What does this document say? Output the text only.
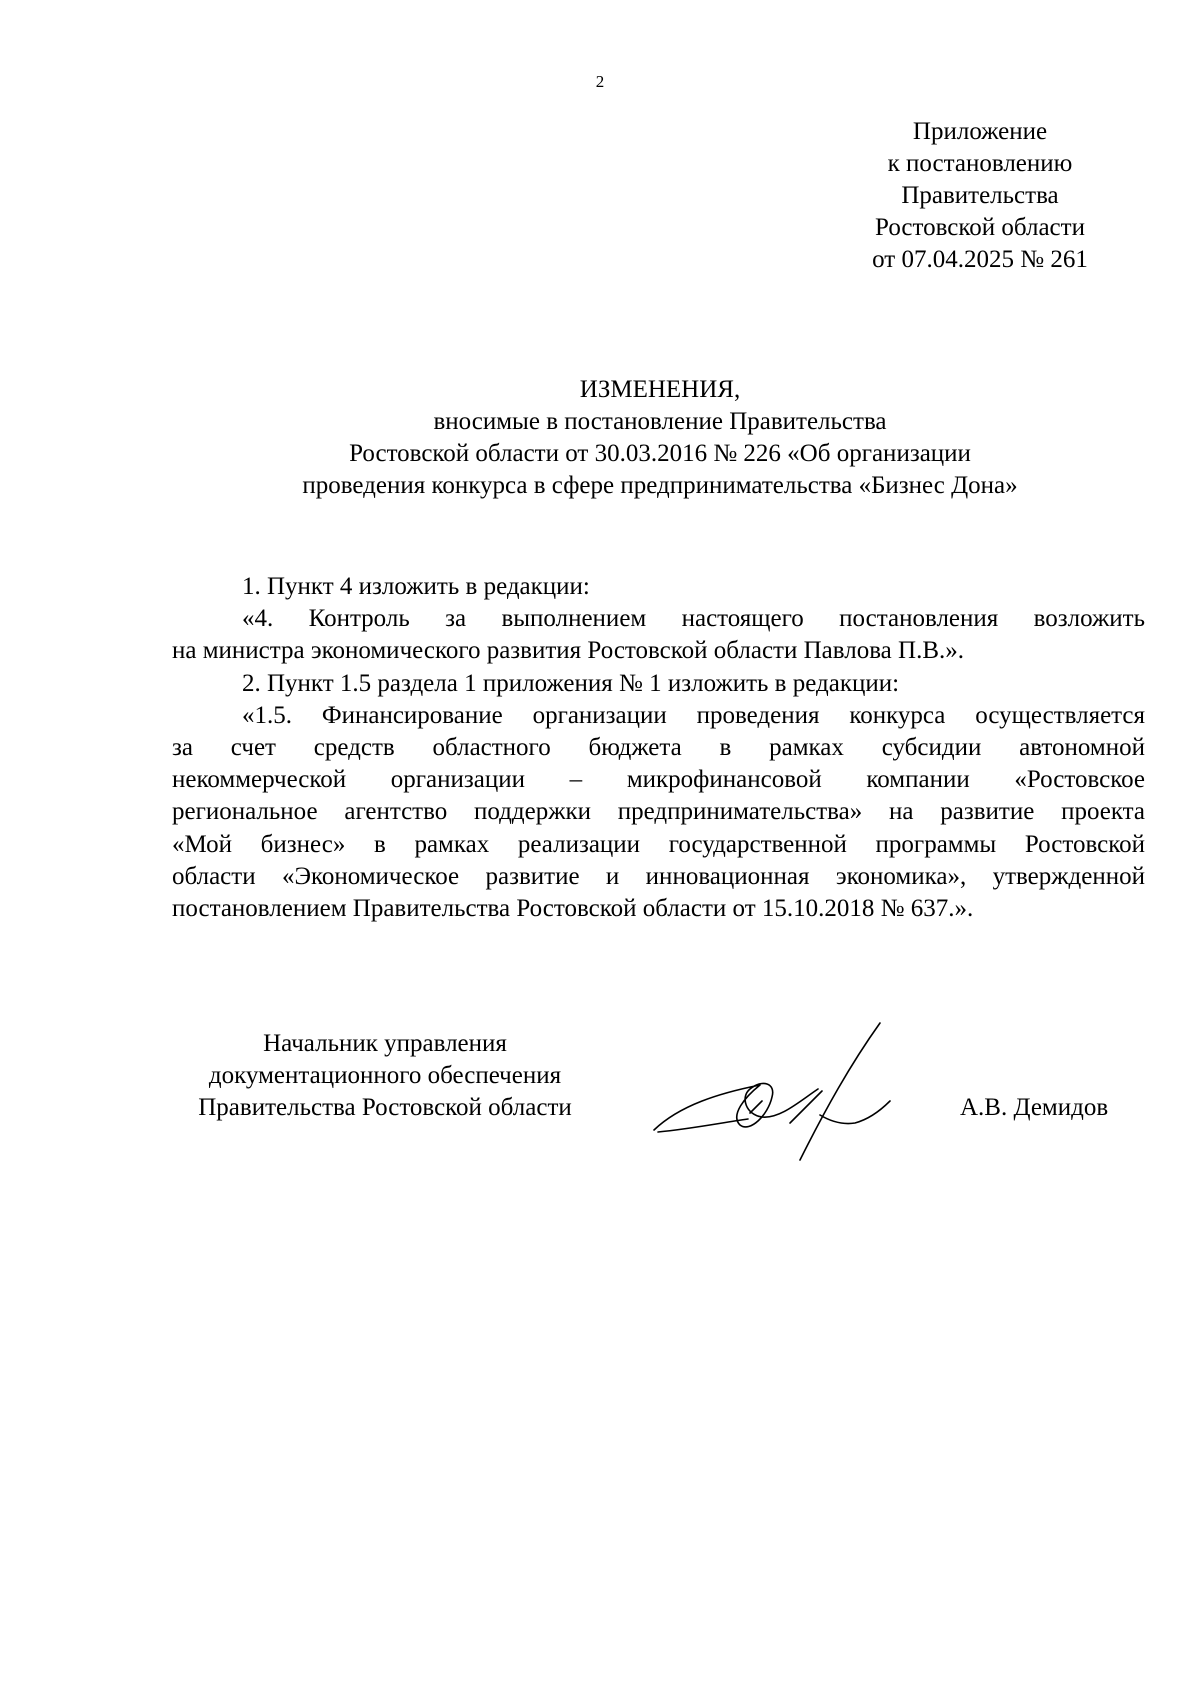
2
Приложение
к постановлению
Правительства
Ростовской области
от 07.04.2025 № 261
ИЗМЕНЕНИЯ,
вносимые в постановление Правительства
Ростовской области от 30.03.2016 № 226 «Об организации
проведения конкурса в сфере предпринимательства «Бизнес Дона»
1. Пункт 4 изложить в редакции:
«4. Контроль за выполнением настоящего постановления возложить
на министра экономического развития Ростовской области Павлова П.В.».
2. Пункт 1.5 раздела 1 приложения № 1 изложить в редакции:
«1.5. Финансирование организации проведения конкурса осуществляется
за счет средств областного бюджета в рамках субсидии автономной
некоммерческой организации – микрофинансовой компании «Ростовское
региональное агентство поддержки предпринимательства» на развитие проекта
«Мой бизнес» в рамках реализации государственной программы Ростовской
области «Экономическое развитие и инновационная экономика», утвержденной
постановлением Правительства Ростовской области от 15.10.2018 № 637.».
Начальник управления
документационного обеспечения
Правительства Ростовской области	А.В. Демидов
